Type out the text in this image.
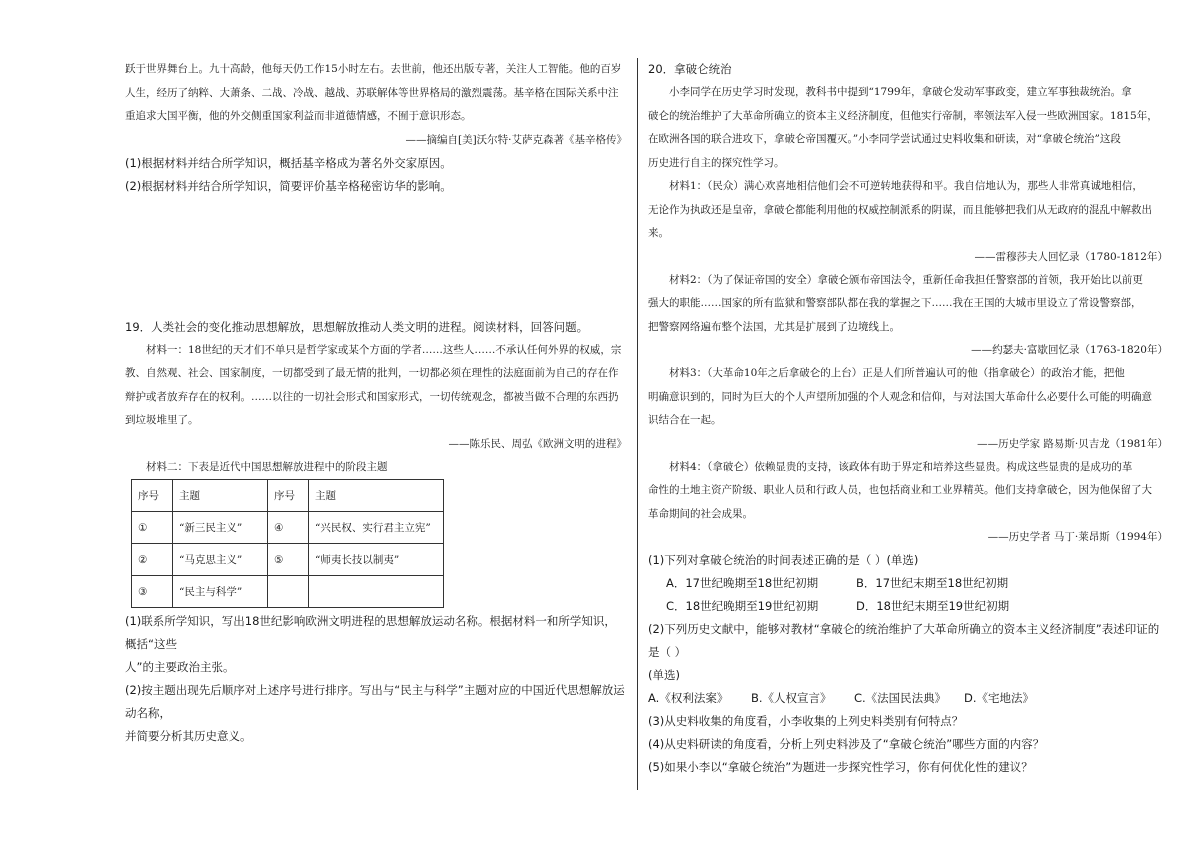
跃于世界舞台上。九十高龄，他每天仍工作15小时左右。去世前，他还出版专著，关注人工智能。他的百岁

人生，经历了纳粹、大萧条、二战、冷战、越战、苏联解体等世界格局的激烈震荡。基辛格在国际关系中注

重追求大国平衡，他的外交侧重国家利益而非道德情感，不囿于意识形态。

——摘编自[美]沃尔特·艾萨克森著《基辛格传》

(1)根据材料并结合所学知识，概括基辛格成为著名外交家原因。

(2)根据材料并结合所学知识，简要评价基辛格秘密访华的影响。

19．人类社会的变化推动思想解放，思想解放推动人类文明的进程。阅读材料，回答问题。

材料一：18世纪的天才们不单只是哲学家或某个方面的学者……这些人……不承认任何外界的权威，宗

教、自然观、社会、国家制度，一切都受到了最无情的批判，一切都必须在理性的法庭面前为自己的存在作

辩护或者放弃存在的权利。……以往的一切社会形式和国家形式，一切传统观念，都被当做不合理的东西扔

到垃圾堆里了。

——陈乐民、周弘《欧洲文明的进程》

材料二：下表是近代中国思想解放进程中的阶段主题

序号	主题	序号	主题
①	“新三民主义”	④	“兴民权、实行君主立宪”
②	“马克思主义”	⑤	“师夷长技以制夷”
③	“民主与科学”		

(1)联系所学知识，写出18世纪影响欧洲文明进程的思想解放运动名称。根据材料一和所学知识，概括“这些

人”的主要政治主张。

(2)按主题出现先后顺序对上述序号进行排序。写出与“民主与科学”主题对应的中国近代思想解放运动名称，

并简要分析其历史意义。

20．拿破仑统治

小李同学在历史学习时发现，教科书中提到“1799年，拿破仑发动军事政变，建立军事独裁统治。拿

破仑的统治维护了大革命所确立的资本主义经济制度，但他实行帝制，率领法军入侵一些欧洲国家。1815年，

在欧洲各国的联合进攻下，拿破仑帝国覆灭。”小李同学尝试通过史料收集和研读，对“拿破仑统治”这段

历史进行自主的探究性学习。

材料1：（民众）满心欢喜地相信他们会不可逆转地获得和平。我自信地认为，那些人非常真诚地相信，

无论作为执政还是皇帝，拿破仑都能利用他的权威控制派系的阴谋，而且能够把我们从无政府的混乱中解救出

来。

——雷穆莎夫人回忆录（1780-1812年）

材料2：（为了保证帝国的安全）拿破仑颁布帝国法令，重新任命我担任警察部的首领，我开始比以前更

强大的职能……国家的所有监狱和警察部队都在我的掌握之下……我在王国的大城市里设立了常设警察部，

把警察网络遍布整个法国，尤其是扩展到了边境线上。

——约瑟夫·富歇回忆录（1763-1820年）

材料3：（大革命10年之后拿破仑的上台）正是人们所普遍认可的他（指拿破仑）的政治才能，把他

明确意识到的，同时为巨大的个人声望所加强的个人观念和信仰，与对法国大革命什么必要什么可能的明确意

识结合在一起。

——历史学家 路易斯·贝吉龙（1981年）

材料4：（拿破仑）依赖显贵的支持，该政体有助于界定和培养这些显贵。构成这些显贵的是成功的革

命性的土地主资产阶级、职业人员和行政人员，也包括商业和工业界精英。他们支持拿破仑，因为他保留了大

革命期间的社会成果。

——历史学者 马丁·莱昂斯（1994年）

(1)下列对拿破仑统治的时间表述正确的是（ ）(单选)

A．17世纪晚期至18世纪初期	B．17世纪末期至18世纪初期
C．18世纪晚期至19世纪初期	D．18世纪末期至19世纪初期

(2)下列历史文献中，能够对教材“拿破仑的统治维护了大革命所确立的资本主义经济制度”表述印证的是（ ）

(单选)

A.《权利法案》	B.《人权宣言》	C.《法国民法典》	D.《宅地法》

(3)从史料收集的角度看，小李收集的上列史料类别有何特点？

(4)从史料研读的角度看，分析上列史料涉及了“拿破仑统治”哪些方面的内容？

(5)如果小李以“拿破仑统治”为题进一步探究性学习，你有何优化性的建议？
